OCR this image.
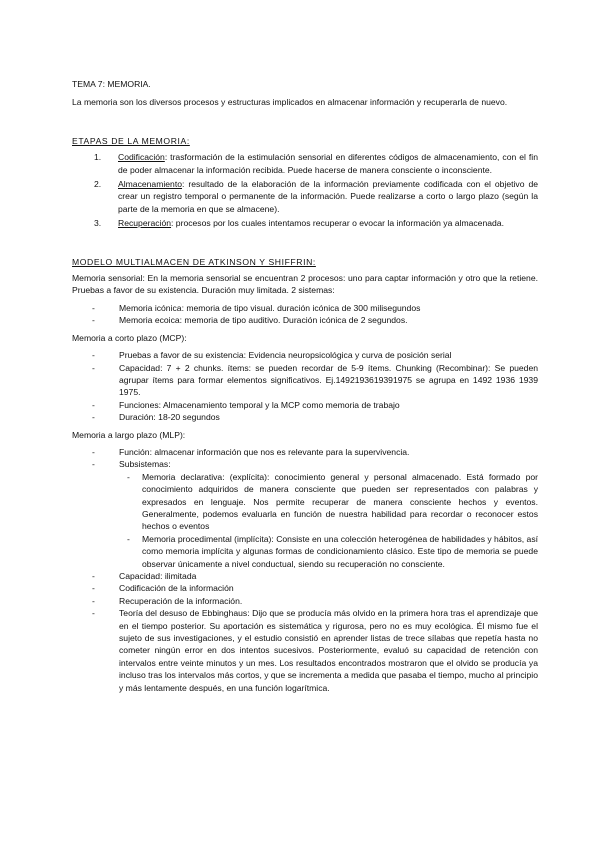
TEMA 7: MEMORIA.

La memoria son los diversos procesos y estructuras implicados en almacenar información y recuperarla de nuevo.

ETAPAS DE LA MEMORIA:

1. Codificación: trasformación de la estimulación sensorial en diferentes códigos de almacenamiento, con el fin de poder almacenar la información recibida. Puede hacerse de manera consciente o inconsciente.
2. Almacenamiento: resultado de la elaboración de la información previamente codificada con el objetivo de crear un registro temporal o permanente de la información. Puede realizarse a corto o largo plazo (según la parte de la memoria en que se almacene).
3. Recuperación: procesos por los cuales intentamos recuperar o evocar la información ya almacenada.

MODELO MULTIALMACEN DE ATKINSON Y SHIFFRIN:

Memoria sensorial: En la memoria sensorial se encuentran 2 procesos: uno para captar información y otro que la retiene. Pruebas a favor de su existencia. Duración muy limitada. 2 sistemas:

-	Memoria icónica: memoria de tipo visual. duración icónica de 300 milisegundos
-	Memoria ecoica: memoria de tipo auditivo. Duración icónica de 2 segundos.

Memoria a corto plazo (MCP):

-	Pruebas a favor de su existencia: Evidencia neuropsicológica y curva de posición serial
-	Capacidad: 7 + 2 chunks. ítems: se pueden recordar de 5-9 ítems. Chunking (Recombinar): Se pueden agrupar ítems para formar elementos significativos. Ej.1492193619391975 se agrupa en 1492 1936 1939 1975.
-	Funciones: Almacenamiento temporal y la MCP como memoria de trabajo
-	Duración: 18-20 segundos

Memoria a largo plazo (MLP):

-	Función: almacenar información que nos es relevante para la supervivencia.
-	Subsistemas:
- Memoria declarativa: (explícita): conocimiento general y personal almacenado. Está formado por conocimiento adquiridos de manera consciente que pueden ser representados con palabras y expresados en lenguaje. Nos permite recuperar de manera consciente hechos y eventos. Generalmente, podemos evaluarla en función de nuestra habilidad para recordar o reconocer estos hechos o eventos
- Memoria procedimental (implícita): Consiste en una colección heterogénea de habilidades y hábitos, así como memoria implícita y algunas formas de condicionamiento clásico. Este tipo de memoria se puede observar únicamente a nivel conductual, siendo su recuperación no consciente.
-	Capacidad: ilimitada
-	Codificación de la información
-	Recuperación de la información.
-	Teoría del desuso de Ebbinghaus: Dijo que se producía más olvido en la primera hora tras el aprendizaje que en el tiempo posterior. Su aportación es sistemática y rigurosa, pero no es muy ecológica. Él mismo fue el sujeto de sus investigaciones, y el estudio consistió en aprender listas de trece sílabas que repetía hasta no cometer ningún error en dos intentos sucesivos. Posteriormente, evaluó su capacidad de retención con intervalos entre veinte minutos y un mes. Los resultados encontrados mostraron que el olvido se producía ya incluso tras los intervalos más cortos, y que se incrementa a medida que pasaba el tiempo, mucho al principio y más lentamente después, en una función logarítmica.
